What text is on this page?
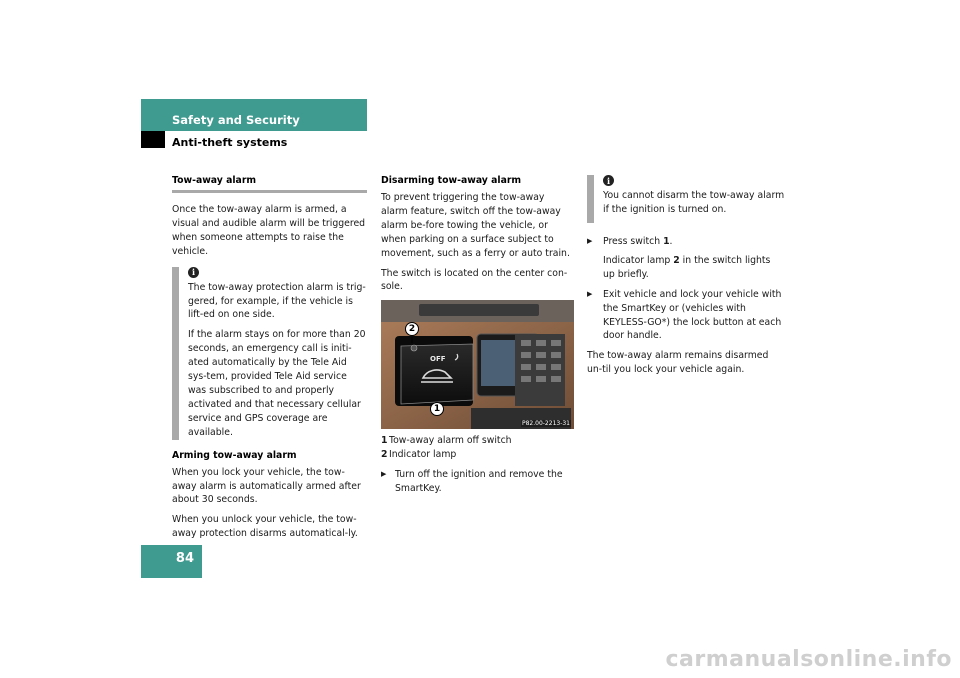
Safety and Security
Anti-theft systems
84
Tow-away alarm

Once the tow-away alarm is armed, a visual and audible alarm will be triggered when someone attempts to raise the vehicle.

i

The tow-away protection alarm is trig-gered, for example, if the vehicle is lift-ed on one side.

If the alarm stays on for more than 20 seconds, an emergency call is initi-ated automatically by the Tele Aid sys-tem, provided Tele Aid service was subscribed to and properly activated and that necessary cellular service and GPS coverage are available.

Arming tow-away alarm

When you lock your vehicle, the tow-away alarm is automatically armed after about 30 seconds.

When you unlock your vehicle, the tow-away protection disarms automatical-ly.

Disarming tow-away alarm

To prevent triggering the tow-away alarm feature, switch off the tow-away alarm be-fore towing the vehicle, or when parking on a surface subject to movement, such as a ferry or auto train.

The switch is located on the center con-sole.

OFF
2
1
P82.00-2213-31
1 Tow-away alarm off switch
2 Indicator lamp
▶ Turn off the ignition and remove the SmartKey.
i

You cannot disarm the tow-away alarm if the ignition is turned on.

▶ Press switch 1.
Indicator lamp 2 in the switch lights up briefly.
▶ Exit vehicle and lock your vehicle with the SmartKey or (vehicles with KEYLESS-GO*) the lock button at each door handle.

The tow-away alarm remains disarmed un-til you lock your vehicle again.

carmanualsonline.info
